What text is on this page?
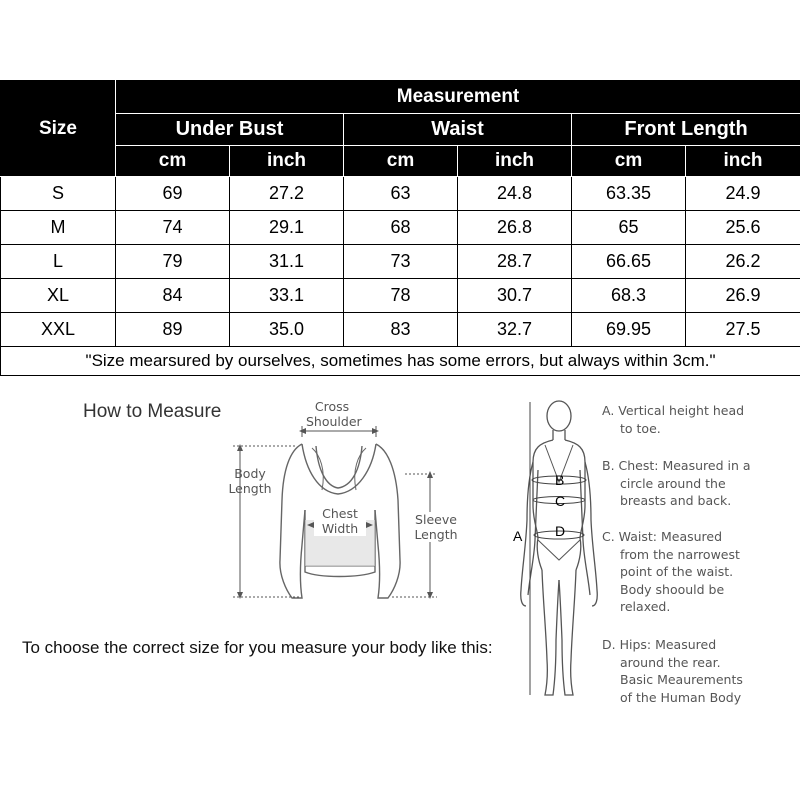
Size	Measurement					
	Under Bust		Waist		Front Length	
	cm	inch	cm	inch	cm	inch
S	69	27.2	63	24.8	63.35	24.9
M	74	29.1	68	26.8	65	25.6
L	79	31.1	73	28.7	66.65	26.2
XL	84	33.1	78	30.7	68.3	26.9
XXL	89	35.0	83	32.7	69.95	27.5
"Size mearsured by ourselves, sometimes has some errors, but always within 3cm."						
How to Measure	Cross
Shoulder
Body
Length
Chest
Width
Sleeve
Length
To choose the correct size for you measure your body like this:
A
B
C
D
A. Vertical height head
to toe.
B. Chest: Measured in a
circle around the
breasts and back.
C. Waist: Measured
from the narrowest
point of the waist.
Body shoould be
relaxed.
D. Hips: Measured
around the rear.
Basic Meaurements
of the Human Body
